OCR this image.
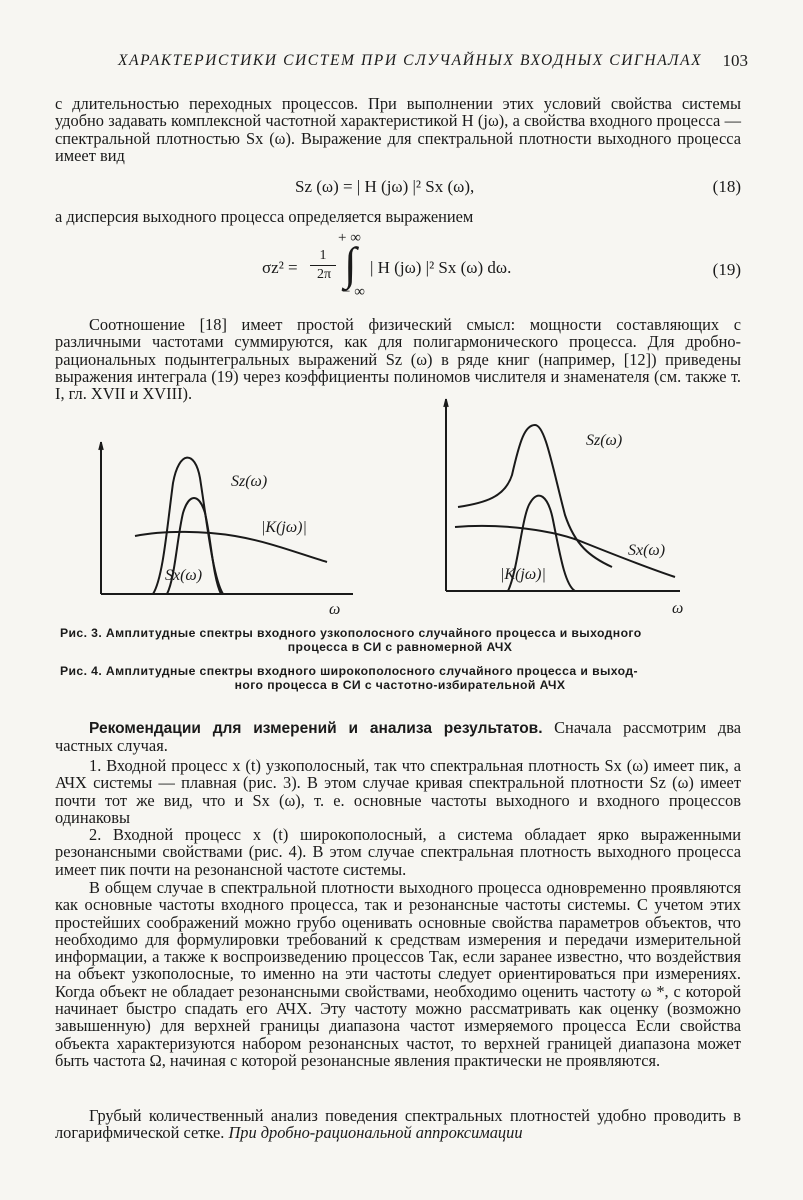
ХАРАКТЕРИСТИКИ СИСТЕМ ПРИ СЛУЧАЙНЫХ ВХОДНЫХ СИГНАЛАХ 103

с длительностью переходных процессов. При выполнении этих условий свойства системы удобно задавать комплексной частотной характеристикой H (jω), а свойства входного процесса — спектральной плотностью Sx (ω). Выражение для спектральной плотности выходного процесса имеет вид

Sz (ω) = | H (jω) |² Sx (ω),	(18)

а дисперсия выходного процесса определяется выражением

σz² =
1
2π
+ ∞
∫
− ∞
| H (jω) |² Sx (ω) dω.	(19)

Соотношение [18] имеет простой физический смысл: мощности составляющих с различными частотами суммируются, как для полигармонического процесса. Для дробно-рациональных подынтегральных выражений Sz (ω) в ряде книг (например, [12]) приведены выражения интеграла (19) через коэффициенты полиномов числителя и знаменателя (см. также т. I, гл. XVII и XVIII).

Sz(ω)
|K(jω)|
Sx(ω)
ω
Sz(ω)
Sx(ω)
|K(jω)|
ω
Рис. 3. Амплитудные спектры входного узкополосного случайного процесса и выходного
процесса в СИ с равномерной АЧХ
Рис. 4. Амплитудные спектры входного широкополосного случайного процесса и выход-
ного процесса в СИ с частотно-избирательной АЧХ

Рекомендации для измерений и анализа результатов. Сначала рассмотрим два частных случая.

1. Входной процесс x (t) узкополосный, так что спектральная плотность Sx (ω) имеет пик, а АЧХ системы — плавная (рис. 3). В этом случае кривая спектральной плотности Sz (ω) имеет почти тот же вид, что и Sx (ω), т. е. основные частоты выходного и входного процессов одинаковы

2. Входной процесс x (t) широкополосный, а система обладает ярко выраженными резонансными свойствами (рис. 4). В этом случае спектральная плотность выходного процесса имеет пик почти на резонансной частоте системы.

В общем случае в спектральной плотности выходного процесса одновременно проявляются как основные частоты входного процесса, так и резонансные частоты системы. С учетом этих простейших соображений можно грубо оценивать основные свойства параметров объектов, что необходимо для формулировки требований к средствам измерения и передачи измерительной информации, а также к воспроизведению процессов Так, если заранее известно, что воздействия на объект узкополосные, то именно на эти частоты следует ориентироваться при измерениях. Когда объект не обладает резонансными свойствами, необходимо оценить частоту ω *, с которой начинает быстро спадать его АЧХ. Эту частоту можно рассматривать как оценку (возможно завышенную) для верхней границы диапазона частот измеряемого процесса Если свойства объекта характеризуются набором резонансных частот, то верхней границей диапазона может быть частота Ω, начиная с которой резонансные явления практически не проявляются.

Грубый количественный анализ поведения спектральных плотностей удобно проводить в логарифмической сетке. При дробно-рациональной аппроксимации
